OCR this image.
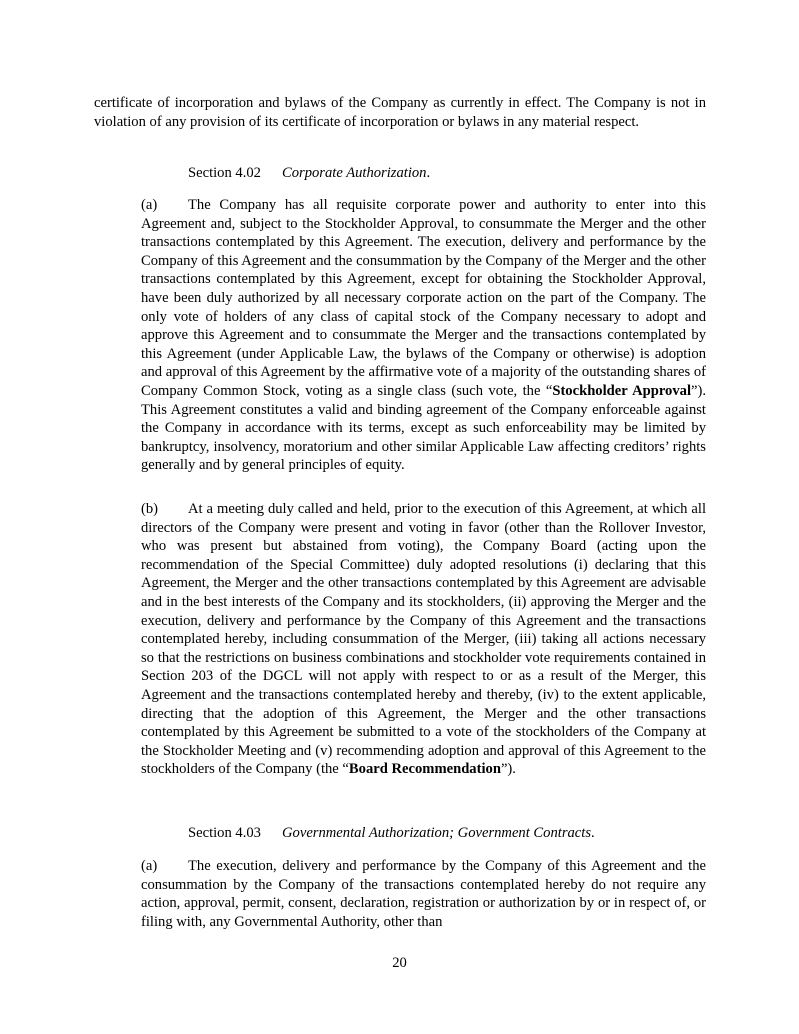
certificate of incorporation and bylaws of the Company as currently in effect. The Company is not in violation of any provision of its certificate of incorporation or bylaws in any material respect.

Section 4.02 Corporate Authorization.

(a) The Company has all requisite corporate power and authority to enter into this Agreement and, subject to the Stockholder Approval, to consummate the Merger and the other transactions contemplated by this Agreement. The execution, delivery and performance by the Company of this Agreement and the consummation by the Company of the Merger and the other transactions contemplated by this Agreement, except for obtaining the Stockholder Approval, have been duly authorized by all necessary corporate action on the part of the Company. The only vote of holders of any class of capital stock of the Company necessary to adopt and approve this Agreement and to consummate the Merger and the transactions contemplated by this Agreement (under Applicable Law, the bylaws of the Company or otherwise) is adoption and approval of this Agreement by the affirmative vote of a majority of the outstanding shares of Company Common Stock, voting as a single class (such vote, the “Stockholder Approval”). This Agreement constitutes a valid and binding agreement of the Company enforceable against the Company in accordance with its terms, except as such enforceability may be limited by bankruptcy, insolvency, moratorium and other similar Applicable Law affecting creditors’ rights generally and by general principles of equity.

(b) At a meeting duly called and held, prior to the execution of this Agreement, at which all directors of the Company were present and voting in favor (other than the Rollover Investor, who was present but abstained from voting), the Company Board (acting upon the recommendation of the Special Committee) duly adopted resolutions (i) declaring that this Agreement, the Merger and the other transactions contemplated by this Agreement are advisable and in the best interests of the Company and its stockholders, (ii) approving the Merger and the execution, delivery and performance by the Company of this Agreement and the transactions contemplated hereby, including consummation of the Merger, (iii) taking all actions necessary so that the restrictions on business combinations and stockholder vote requirements contained in Section 203 of the DGCL will not apply with respect to or as a result of the Merger, this Agreement and the transactions contemplated hereby and thereby, (iv) to the extent applicable, directing that the adoption of this Agreement, the Merger and the other transactions contemplated by this Agreement be submitted to a vote of the stockholders of the Company at the Stockholder Meeting and (v) recommending adoption and approval of this Agreement to the stockholders of the Company (the “Board Recommendation”).

Section 4.03 Governmental Authorization; Government Contracts.

(a) The execution, delivery and performance by the Company of this Agreement and the consummation by the Company of the transactions contemplated hereby do not require any action, approval, permit, consent, declaration, registration or authorization by or in respect of, or filing with, any Governmental Authority, other than

20
